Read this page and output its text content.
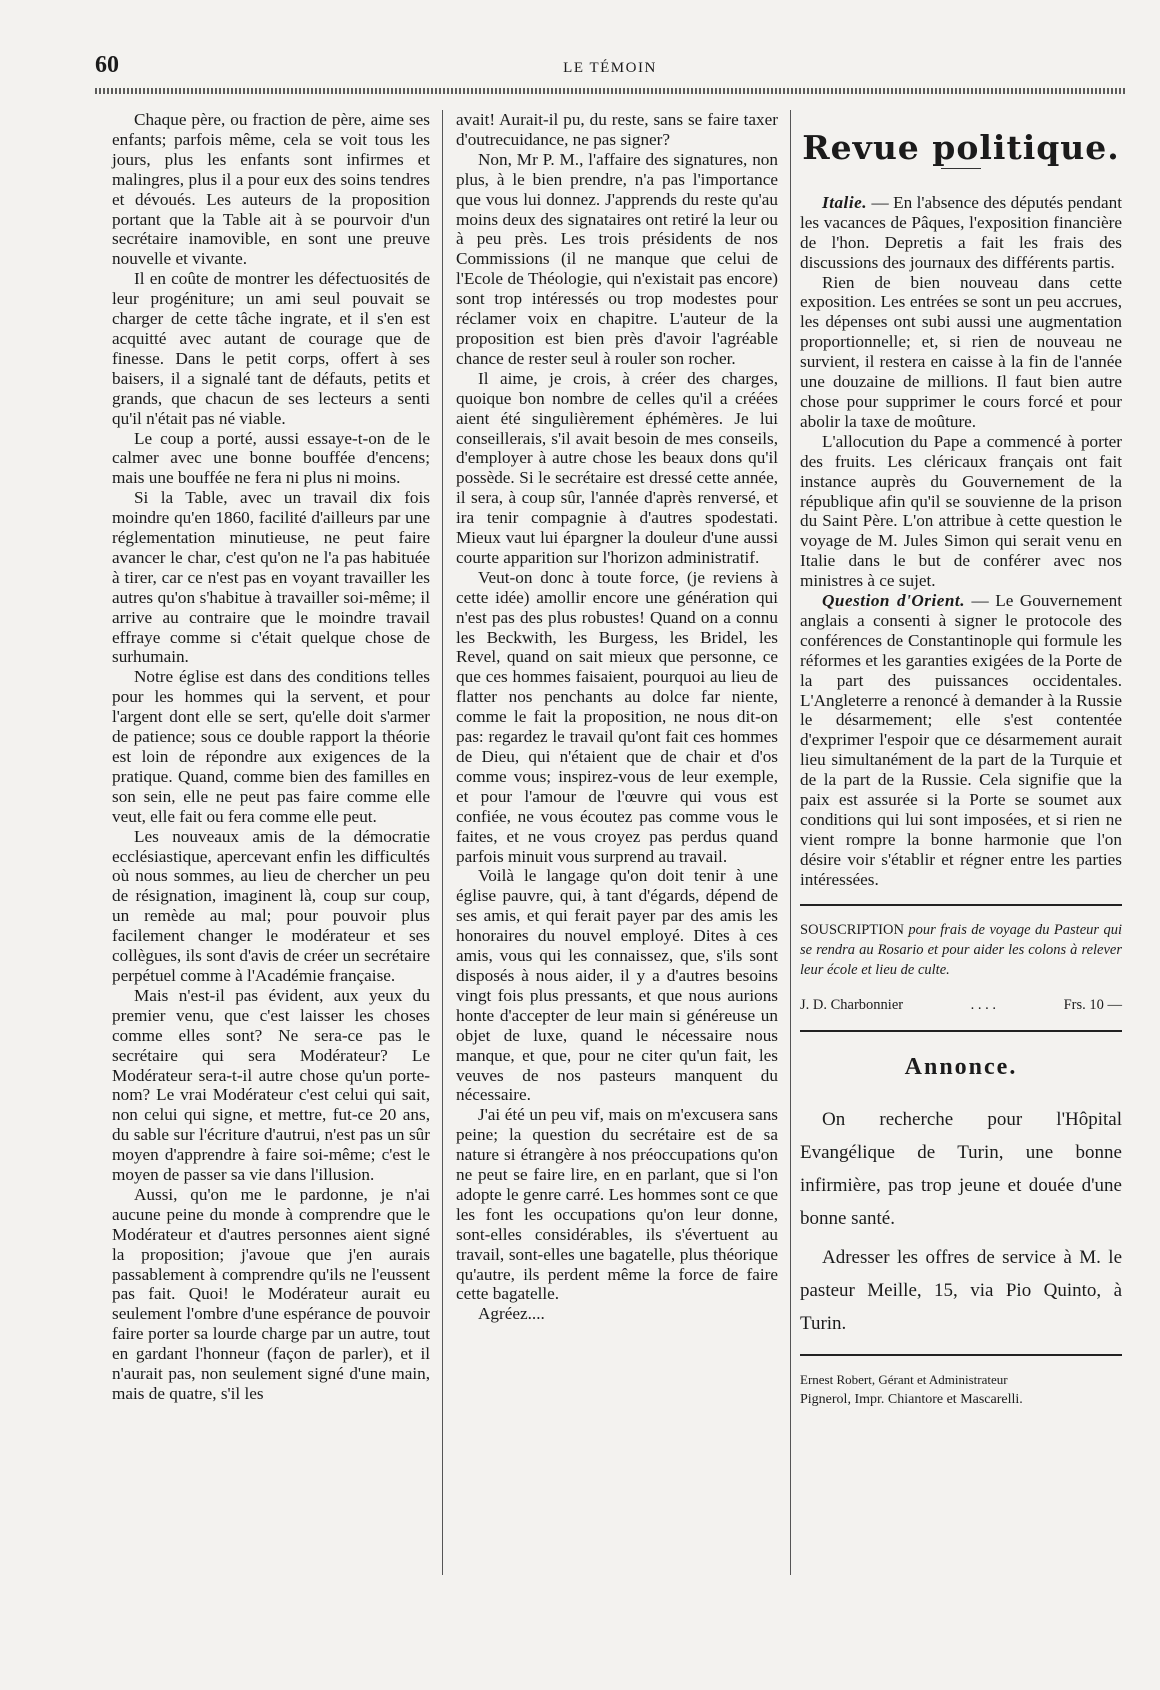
60	LE TÉMOIN

Chaque père, ou fraction de père, aime ses enfants; parfois même, cela se voit tous les jours, plus les enfants sont infirmes et malingres, plus il a pour eux des soins tendres et dévoués. Les auteurs de la proposition portant que la Table ait à se pourvoir d'un secrétaire inamovible, en sont une preuve nouvelle et vivante.

Il en coûte de montrer les défectuosités de leur progéniture; un ami seul pouvait se charger de cette tâche ingrate, et il s'en est acquitté avec autant de courage que de finesse. Dans le petit corps, offert à ses baisers, il a signalé tant de défauts, petits et grands, que chacun de ses lecteurs a senti qu'il n'était pas né viable.

Le coup a porté, aussi essaye-t-on de le calmer avec une bonne bouffée d'encens; mais une bouffée ne fera ni plus ni moins.

Si la Table, avec un travail dix fois moindre qu'en 1860, facilité d'ailleurs par une réglementation minutieuse, ne peut faire avancer le char, c'est qu'on ne l'a pas habituée à tirer, car ce n'est pas en voyant travailler les autres qu'on s'habitue à travailler soi-même; il arrive au contraire que le moindre travail effraye comme si c'était quelque chose de surhumain.

Notre église est dans des conditions telles pour les hommes qui la servent, et pour l'argent dont elle se sert, qu'elle doit s'armer de patience; sous ce double rapport la théorie est loin de répondre aux exigences de la pratique. Quand, comme bien des familles en son sein, elle ne peut pas faire comme elle veut, elle fait ou fera comme elle peut.

Les nouveaux amis de la démocratie ecclésiastique, apercevant enfin les difficultés où nous sommes, au lieu de chercher un peu de résignation, imaginent là, coup sur coup, un remède au mal; pour pouvoir plus facilement changer le modérateur et ses collègues, ils sont d'avis de créer un secrétaire perpétuel comme à l'Académie française.

Mais n'est-il pas évident, aux yeux du premier venu, que c'est laisser les choses comme elles sont? Ne sera-ce pas le secrétaire qui sera Modérateur? Le Modérateur sera-t-il autre chose qu'un porte-nom? Le vrai Modérateur c'est celui qui sait, non celui qui signe, et mettre, fut-ce 20 ans, du sable sur l'écriture d'autrui, n'est pas un sûr moyen d'apprendre à faire soi-même; c'est le moyen de passer sa vie dans l'illusion.

Aussi, qu'on me le pardonne, je n'ai aucune peine du monde à comprendre que le Modérateur et d'autres personnes aient signé la proposition; j'avoue que j'en aurais passablement à comprendre qu'ils ne l'eussent pas fait. Quoi! le Modérateur aurait eu seulement l'ombre d'une espérance de pouvoir faire porter sa lourde charge par un autre, tout en gardant l'honneur (façon de parler), et il n'aurait pas, non seulement signé d'une main, mais de quatre, s'il les

avait! Aurait-il pu, du reste, sans se faire taxer d'outrecuidance, ne pas signer?

Non, Mr P. M., l'affaire des signatures, non plus, à le bien prendre, n'a pas l'importance que vous lui donnez. J'apprends du reste qu'au moins deux des signataires ont retiré la leur ou à peu près. Les trois présidents de nos Commissions (il ne manque que celui de l'Ecole de Théologie, qui n'existait pas encore) sont trop intéressés ou trop modestes pour réclamer voix en chapitre. L'auteur de la proposition est bien près d'avoir l'agréable chance de rester seul à rouler son rocher.

Il aime, je crois, à créer des charges, quoique bon nombre de celles qu'il a créées aient été singulièrement éphémères. Je lui conseillerais, s'il avait besoin de mes conseils, d'employer à autre chose les beaux dons qu'il possède. Si le secrétaire est dressé cette année, il sera, à coup sûr, l'année d'après renversé, et ira tenir compagnie à d'autres spodestati. Mieux vaut lui épargner la douleur d'une aussi courte apparition sur l'horizon administratif.

Veut-on donc à toute force, (je reviens à cette idée) amollir encore une génération qui n'est pas des plus robustes! Quand on a connu les Beckwith, les Burgess, les Bridel, les Revel, quand on sait mieux que personne, ce que ces hommes faisaient, pourquoi au lieu de flatter nos penchants au dolce far niente, comme le fait la proposition, ne nous dit-on pas: regardez le travail qu'ont fait ces hommes de Dieu, qui n'étaient que de chair et d'os comme vous; inspirez-vous de leur exemple, et pour l'amour de l'œuvre qui vous est confiée, ne vous écoutez pas comme vous le faites, et ne vous croyez pas perdus quand parfois minuit vous surprend au travail.

Voilà le langage qu'on doit tenir à une église pauvre, qui, à tant d'égards, dépend de ses amis, et qui ferait payer par des amis les honoraires du nouvel employé. Dites à ces amis, vous qui les connaissez, que, s'ils sont disposés à nous aider, il y a d'autres besoins vingt fois plus pressants, et que nous aurions honte d'accepter de leur main si généreuse un objet de luxe, quand le nécessaire nous manque, et que, pour ne citer qu'un fait, les veuves de nos pasteurs manquent du nécessaire.

J'ai été un peu vif, mais on m'excusera sans peine; la question du secrétaire est de sa nature si étrangère à nos préoccupations qu'on ne peut se faire lire, en en parlant, que si l'on adopte le genre carré. Les hommes sont ce que les font les occupations qu'on leur donne, sont-elles considérables, ils s'évertuent au travail, sont-elles une bagatelle, plus théorique qu'autre, ils perdent même la force de faire cette bagatelle.

Agréez....

Revue politique.

Italie. — En l'absence des députés pendant les vacances de Pâques, l'exposition financière de l'hon. Depretis a fait les frais des discussions des journaux des différents partis.

Rien de bien nouveau dans cette exposition. Les entrées se sont un peu accrues, les dépenses ont subi aussi une augmentation proportionnelle; et, si rien de nouveau ne survient, il restera en caisse à la fin de l'année une douzaine de millions. Il faut bien autre chose pour supprimer le cours forcé et pour abolir la taxe de moûture.

L'allocution du Pape a commencé à porter des fruits. Les cléricaux français ont fait instance auprès du Gouvernement de la république afin qu'il se souvienne de la prison du Saint Père. L'on attribue à cette question le voyage de M. Jules Simon qui serait venu en Italie dans le but de conférer avec nos ministres à ce sujet.

Question d'Orient. — Le Gouvernement anglais a consenti à signer le protocole des conférences de Constantinople qui formule les réformes et les garanties exigées de la Porte de la part des puissances occidentales. L'Angleterre a renoncé à demander à la Russie le désarmement; elle s'est contentée d'exprimer l'espoir que ce désarmement aurait lieu simultanément de la part de la Turquie et de la part de la Russie. Cela signifie que la paix est assurée si la Porte se soumet aux conditions qui lui sont imposées, et si rien ne vient rompre la bonne harmonie que l'on désire voir s'établir et régner entre les parties intéressées.

SOUSCRIPTION pour frais de voyage du Pasteur qui se rendra au Rosario et pour aider les colons à relever leur école et lieu de culte.

J. D. Charbonnier	. . . .	Frs. 10 —
Annonce.

On recherche pour l'Hôpital Evangélique de Turin, une bonne infirmière, pas trop jeune et douée d'une bonne santé.

Adresser les offres de service à M. le pasteur Meille, 15, via Pio Quinto, à Turin.

Ernest Robert, Gérant et Administrateur

Pignerol, Impr. Chiantore et Mascarelli.
